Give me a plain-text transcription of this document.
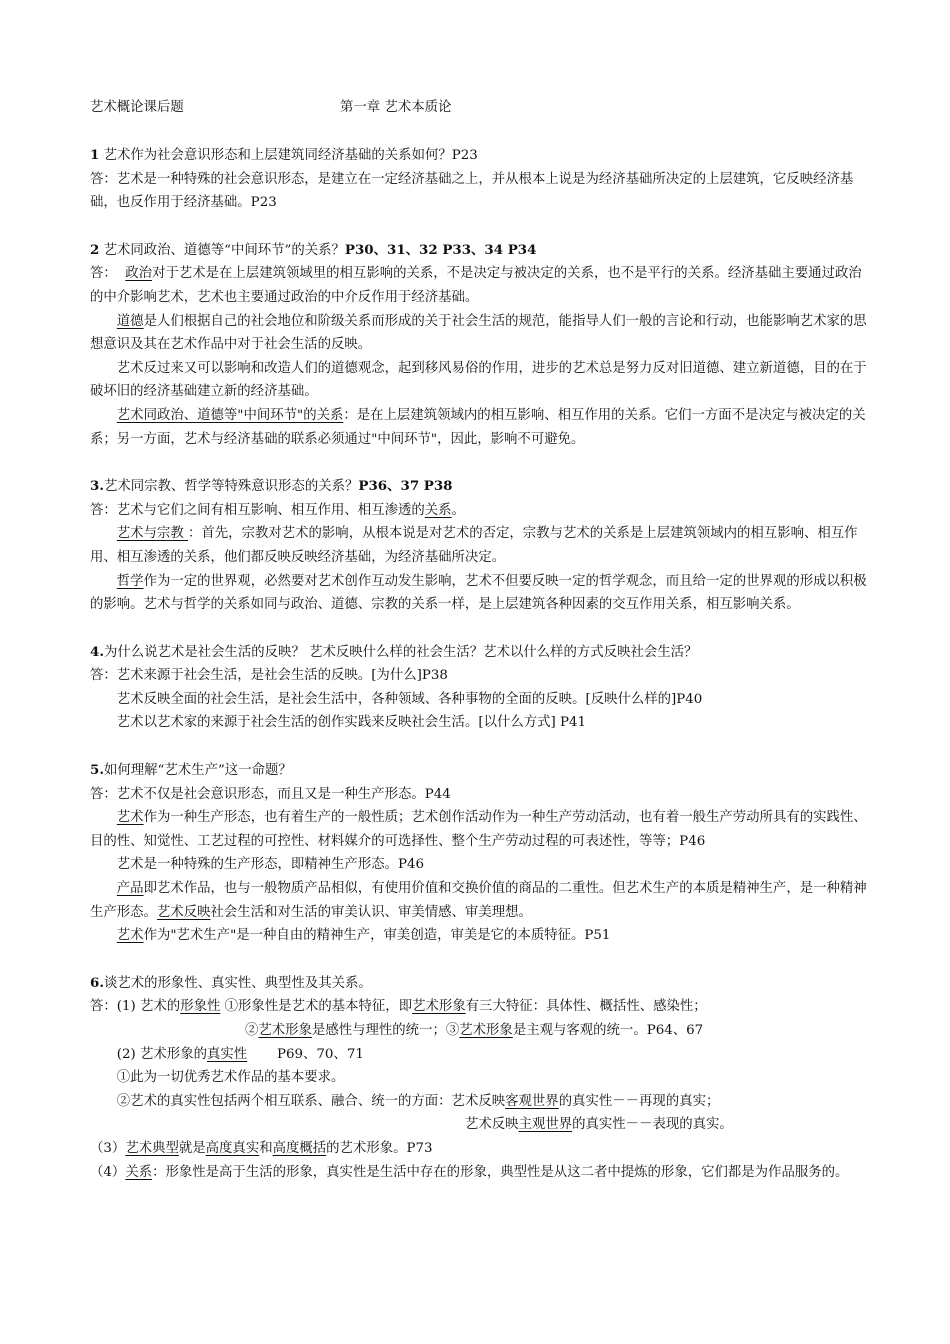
艺术概论课后题	第一章 艺术本质论

1 艺术作为社会意识形态和上层建筑同经济基础的关系如何？P23

答：艺术是一种特殊的社会意识形态，是建立在一定经济基础之上，并从根本上说是为经济基础所决定的上层建筑，它反映经济基础，也反作用于经济基础。P23

2 艺术同政治、道德等“中间环节”的关系？P30、31、32 P33、34 P34

答：  政治对于艺术是在上层建筑领域里的相互影响的关系，不是决定与被决定的关系，也不是平行的关系。经济基础主要通过政治的中介影响艺术，艺术也主要通过政治的中介反作用于经济基础。

道德是人们根据自己的社会地位和阶级关系而形成的关于社会生活的规范，能指导人们一般的言论和行动，也能影响艺术家的思想意识及其在艺术作品中对于社会生活的反映。

艺术反过来又可以影响和改造人们的道德观念，起到移风易俗的作用，进步的艺术总是努力反对旧道德、建立新道德，目的在于破坏旧的经济基础建立新的经济基础。

艺术同政治、道德等"中间环节"的关系：是在上层建筑领域内的相互影响、相互作用的关系。它们一方面不是决定与被决定的关系；另一方面，艺术与经济基础的联系必须通过"中间环节"，因此，影响不可避免。

3.艺术同宗教、哲学等特殊意识形态的关系？P36、37 P38

答：艺术与它们之间有相互影响、相互作用、相互渗透的关系。

艺术与宗教 ：首先，宗教对艺术的影响，从根本说是对艺术的否定，宗教与艺术的关系是上层建筑领域内的相互影响、相互作用、相互渗透的关系，他们都反映反映经济基础，为经济基础所决定。

哲学作为一定的世界观，必然要对艺术创作互动发生影响，艺术不但要反映一定的哲学观念，而且给一定的世界观的形成以积极的影响。艺术与哲学的关系如同与政治、道德、宗教的关系一样，是上层建筑各种因素的交互作用关系，相互影响关系。

4.为什么说艺术是社会生活的反映？ 艺术反映什么样的社会生活？艺术以什么样的方式反映社会生活？

答：艺术来源于社会生活，是社会生活的反映。[为什么]P38

艺术反映全面的社会生活，是社会生活中，各种领域、各种事物的全面的反映。[反映什么样的]P40

艺术以艺术家的来源于社会生活的创作实践来反映社会生活。[以什么方式] P41

5.如何理解“艺术生产”这一命题？

答：艺术不仅是社会意识形态，而且又是一种生产形态。P44

艺术作为一种生产形态，也有着生产的一般性质；艺术创作活动作为一种生产劳动活动，也有着一般生产劳动所具有的实践性、目的性、知觉性、工艺过程的可控性、材料媒介的可选择性、整个生产劳动过程的可表述性，等等；P46

艺术是一种特殊的生产形态，即精神生产形态。P46

产品即艺术作品，也与一般物质产品相似，有使用价值和交换价值的商品的二重性。但艺术生产的本质是精神生产，是一种精神生产形态。艺术反映社会生活和对生活的审美认识、审美情感、审美理想。

艺术作为"艺术生产"是一种自由的精神生产，审美创造，审美是它的本质特征。P51

6.谈艺术的形象性、真实性、典型性及其关系。

答：(1) 艺术的形象性 ①形象性是艺术的基本特征，即艺术形象有三大特征：具体性、概括性、感染性；

②艺术形象是感性与理性的统一；③艺术形象是主观与客观的统一。P64、67

(2) 艺术形象的真实性       P69、70、71

①此为一切优秀艺术作品的基本要求。

②艺术的真实性包括两个相互联系、融合、统一的方面：艺术反映客观世界的真实性－－再现的真实；

艺术反映主观世界的真实性－－表现的真实。

（3）艺术典型就是高度真实和高度概括的艺术形象。P73

（4）关系：形象性是高于生活的形象，真实性是生活中存在的形象，典型性是从这二者中提炼的形象，它们都是为作品服务的。
